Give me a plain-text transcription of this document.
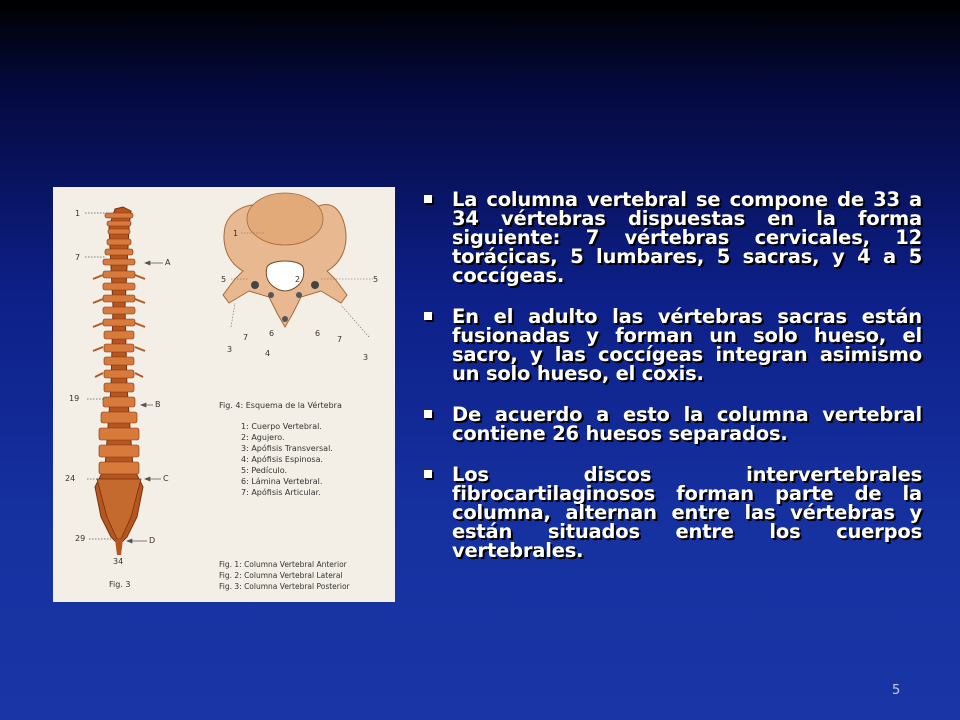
1
7
19
24
29
34
A
B
C
D
1
5	5
2
3
7	6
4
6
7
3
Fig. 4: Esquema de la Vértebra
1: Cuerpo Vertebral.
2: Agujero.
3: Apófisis Transversal.
4: Apófisis Espinosa.
5: Pedículo.
6: Lámina Vertebral.
7: Apófisis Articular.
Fig. 1: Columna Vertebral Anterior
Fig. 2: Columna Vertebral Lateral
Fig. 3: Columna Vertebral Posterior
Fig. 3
La columna vertebral se compone de 33 a 34 vértebras dispuestas en la forma siguiente: 7 vértebras cervicales, 12 torácicas, 5 lumbares, 5 sacras, y 4 a 5 coccígeas.
En el adulto las vértebras sacras están fusionadas y forman un solo hueso, el sacro, y las coccígeas integran asimismo un solo hueso, el coxis.
De acuerdo a esto la columna vertebral contiene 26 huesos separados.
Los discos intervertebrales fibrocartilaginosos forman parte de la columna, alternan entre las vértebras y están situados entre los cuerpos vertebrales.
5
